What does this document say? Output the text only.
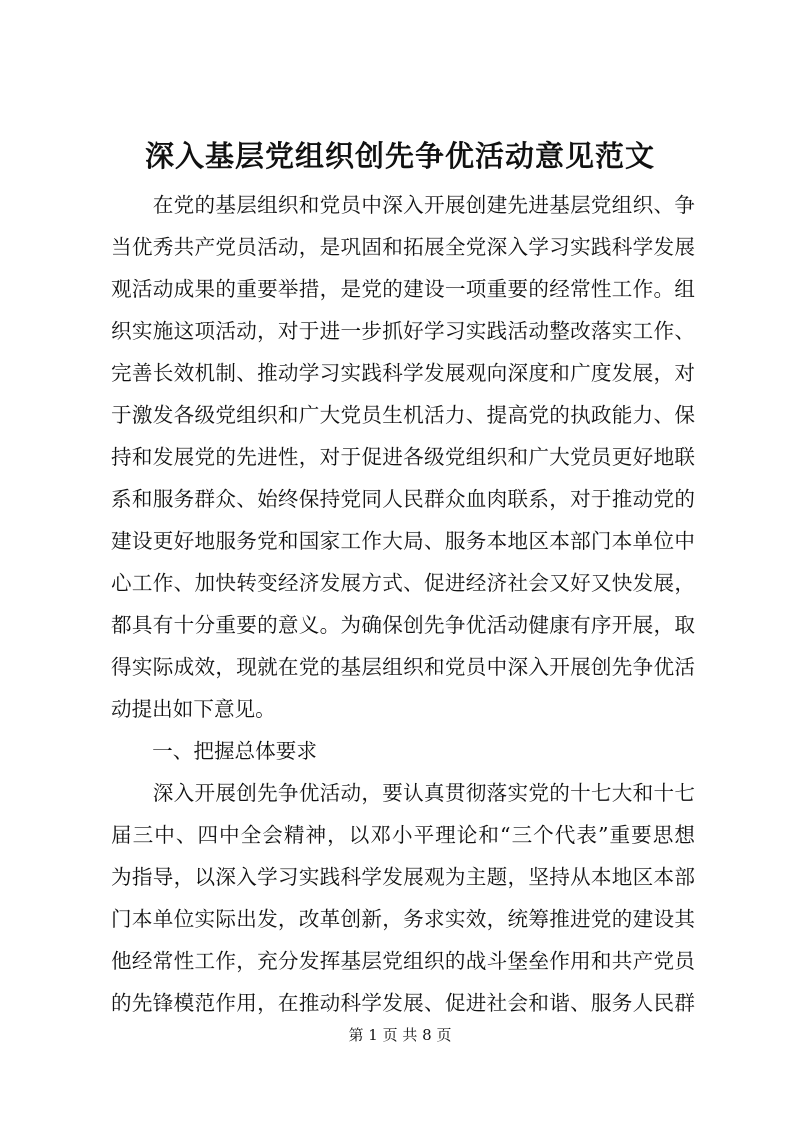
深入基层党组织创先争优活动意见范文
　　在党的基层组织和党员中深入开展创建先进基层党组织、争
当优秀共产党员活动，是巩固和拓展全党深入学习实践科学发展
观活动成果的重要举措，是党的建设一项重要的经常性工作。组
织实施这项活动，对于进一步抓好学习实践活动整改落实工作、
完善长效机制、推动学习实践科学发展观向深度和广度发展，对
于激发各级党组织和广大党员生机活力、提高党的执政能力、保
持和发展党的先进性，对于促进各级党组织和广大党员更好地联
系和服务群众、始终保持党同人民群众血肉联系，对于推动党的
建设更好地服务党和国家工作大局、服务本地区本部门本单位中
心工作、加快转变经济发展方式、促进经济社会又好又快发展，
都具有十分重要的意义。为确保创先争优活动健康有序开展，取
得实际成效，现就在党的基层组织和党员中深入开展创先争优活
动提出如下意见。
　　一、把握总体要求
　　深入开展创先争优活动，要认真贯彻落实党的十七大和十七
届三中、四中全会精神，以邓小平理论和“三个代表”重要思想
为指导，以深入学习实践科学发展观为主题，坚持从本地区本部
门本单位实际出发，改革创新，务求实效，统筹推进党的建设其
他经常性工作，充分发挥基层党组织的战斗堡垒作用和共产党员
的先锋模范作用，在推动科学发展、促进社会和谐、服务人民群
第 1 页 共 8 页
